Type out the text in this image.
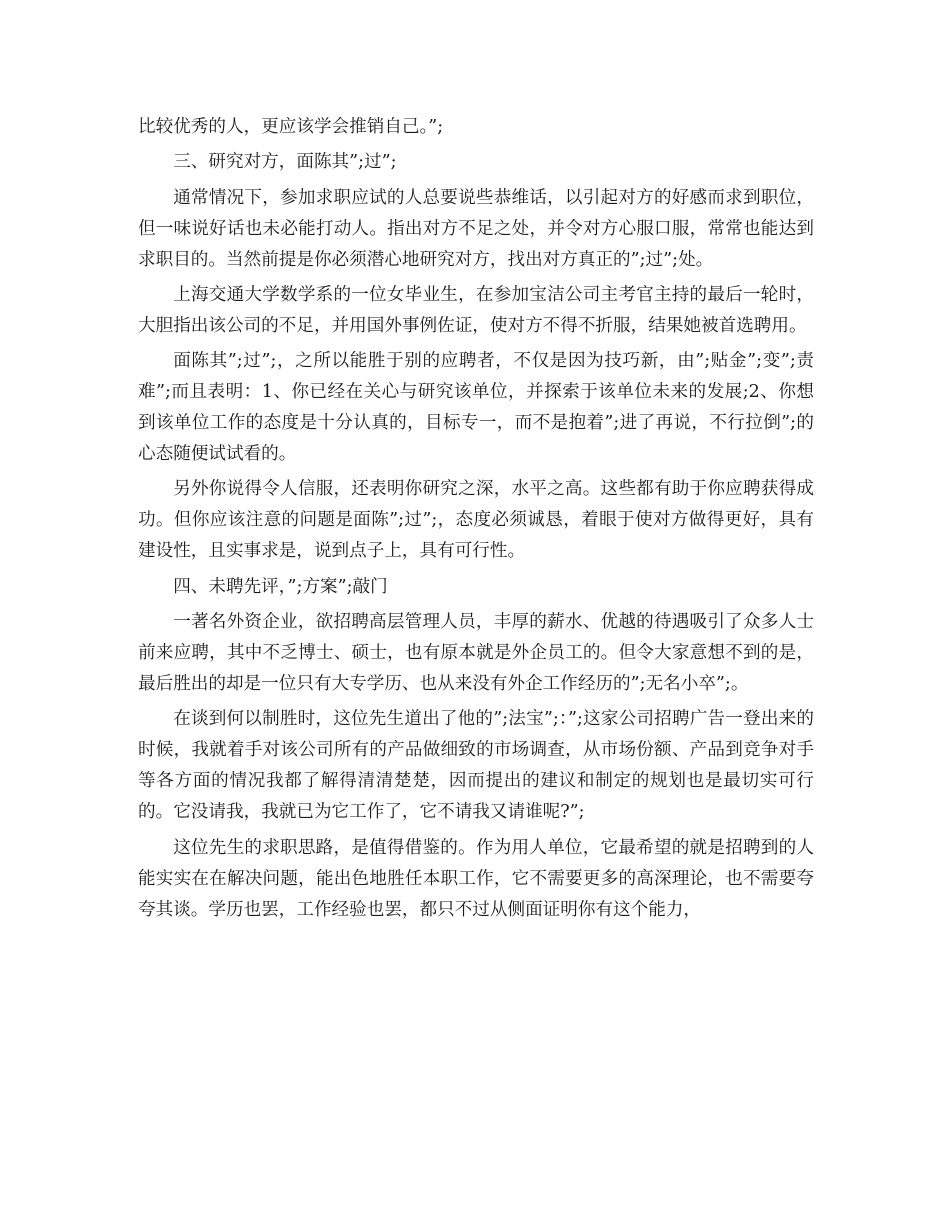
比较优秀的人，更应该学会推销自己。”;

三、研究对方，面陈其”;过”;

通常情况下，参加求职应试的人总要说些恭维话，以引起对方的好感而求到职位，但一味说好话也未必能打动人。指出对方不足之处，并令对方心服口服，常常也能达到求职目的。当然前提是你必须潜心地研究对方，找出对方真正的”;过”;处。

上海交通大学数学系的一位女毕业生，在参加宝洁公司主考官主持的最后一轮时，大胆指出该公司的不足，并用国外事例佐证，使对方不得不折服，结果她被首选聘用。

面陈其”;过”;，之所以能胜于别的应聘者，不仅是因为技巧新，由”;贴金”;变”;责难”;而且表明：1、你已经在关心与研究该单位，并探索于该单位未来的发展;2、你想到该单位工作的态度是十分认真的，目标专一，而不是抱着”;进了再说，不行拉倒”;的心态随便试试看的。

另外你说得令人信服，还表明你研究之深，水平之高。这些都有助于你应聘获得成功。但你应该注意的问题是面陈”;过”;，态度必须诚恳，着眼于使对方做得更好，具有建设性，且实事求是，说到点子上，具有可行性。

四、未聘先评，”;方案”;敲门

一著名外资企业，欲招聘高层管理人员，丰厚的薪水、优越的待遇吸引了众多人士前来应聘，其中不乏博士、硕士，也有原本就是外企员工的。但令大家意想不到的是，最后胜出的却是一位只有大专学历、也从来没有外企工作经历的”;无名小卒”;。

在谈到何以制胜时，这位先生道出了他的”;法宝”;：”;这家公司招聘广告一登出来的时候，我就着手对该公司所有的产品做细致的市场调查，从市场份额、产品到竞争对手等各方面的情况我都了解得清清楚楚，因而提出的建议和制定的规划也是最切实可行的。它没请我，我就已为它工作了，它不请我又请谁呢?”;

这位先生的求职思路，是值得借鉴的。作为用人单位，它最希望的就是招聘到的人能实实在在解决问题，能出色地胜任本职工作，它不需要更多的高深理论，也不需要夸夸其谈。学历也罢，工作经验也罢，都只不过从侧面证明你有这个能力，
